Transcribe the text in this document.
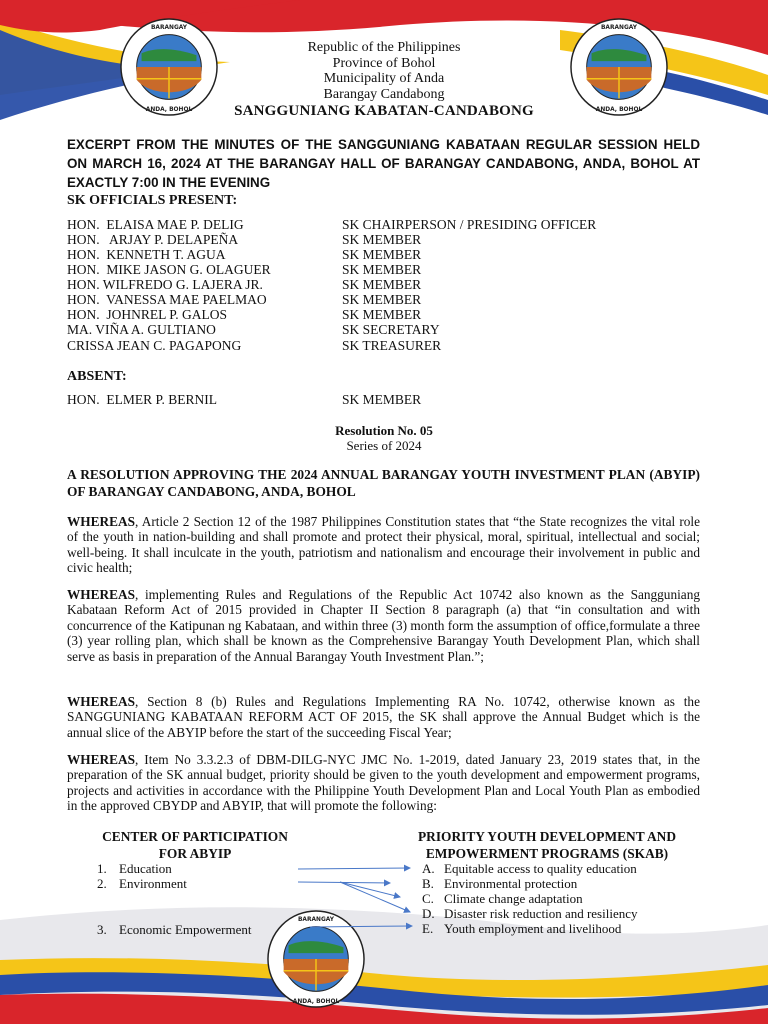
BARANGAY
ANDA, BOHOL
BARANGAY
ANDA, BOHOL
BARANGAY
ANDA, BOHOL
Republic of the Philippines
Province of Bohol
Municipality of Anda
Barangay Candabong
SANGGUNIANG KABATAN-CANDABONG
EXCERPT FROM THE MINUTES OF THE SANGGUNIANG KABATAAN REGULAR SESSION HELD ON MARCH 16, 2024 AT THE BARANGAY HALL OF BARANGAY CANDABONG, ANDA, BOHOL AT EXACTLY 7:00 IN THE EVENING
SK OFFICIALS PRESENT:
HON.  ELAISA MAE P. DELIG	SK CHAIRPERSON / PRESIDING OFFICER
HON.   ARJAY P. DELAPEÑA	SK MEMBER
HON.  KENNETH T. AGUA	SK MEMBER
HON.  MIKE JASON G. OLAGUER	SK MEMBER
HON. WILFREDO G. LAJERA JR.	SK MEMBER
HON.  VANESSA MAE PAELMAO	SK MEMBER
HON.  JOHNREL P. GALOS	SK MEMBER
MA. VIÑA A. GULTIANO	SK SECRETARY
CRISSA JEAN C. PAGAPONG	SK TREASURER
ABSENT:
HON.  ELMER P. BERNIL	SK MEMBER
Resolution No. 05
Series of 2024
A RESOLUTION APPROVING THE 2024 ANNUAL BARANGAY YOUTH INVESTMENT PLAN (ABYIP) OF BARANGAY CANDABONG, ANDA, BOHOL
WHEREAS, Article 2 Section 12 of the 1987 Philippines Constitution states that “the State recognizes the vital role of the youth in nation-building and shall promote and protect their physical, moral, spiritual, intellectual and social; well-being. It shall inculcate in the youth, patriotism and nationalism and encourage their involvement in public and civic health;
WHEREAS, implementing Rules and Regulations of the Republic Act 10742 also known as the Sangguniang Kabataan Reform Act of 2015 provided in Chapter II Section 8 paragraph (a) that “in consultation and with concurrence of the Katipunan ng Kabataan, and within three (3) month form the assumption of office,formulate a three (3) year rolling plan, which shall be known as the Comprehensive Barangay Youth Development Plan, which shall serve as basis in preparation of the Annual Barangay Youth Investment Plan.”;
WHEREAS, Section 8 (b) Rules and Regulations Implementing RA No. 10742, otherwise known as the SANGGUNIANG KABATAAN REFORM ACT OF 2015, the SK shall approve the Annual Budget which is the annual slice of the ABYIP before the start of the succeeding Fiscal Year;
WHEREAS, Item No 3.3.2.3 of DBM-DILG-NYC JMC No. 1-2019, dated January 23, 2019 states that, in the preparation of the SK annual budget, priority should be given to the youth development and empowerment programs, projects and activities in accordance with the Philippine Youth Development Plan and Local Youth Plan as embodied in the approved CBYDP and ABYIP, that will promote the following:
CENTER OF PARTICIPATION
FOR ABYIP
PRIORITY YOUTH DEVELOPMENT AND
EMPOWERMENT PROGRAMS (SKAB)
1. Education
2. Environment
3. Economic Empowerment
A. Equitable access to quality education
B. Environmental protection
C. Climate change adaptation
D. Disaster risk reduction and resiliency
E. Youth employment and livelihood
